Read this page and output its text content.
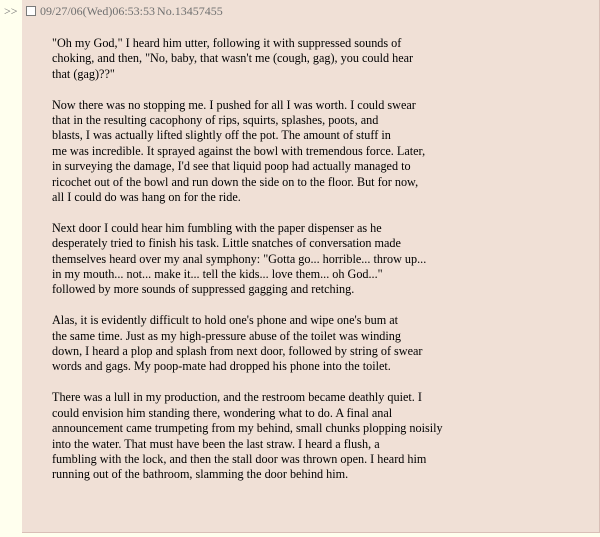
>> 09/27/06(Wed)06:53:53 No.13457455

"Oh my God," I heard him utter, following it with suppressed sounds of
choking, and then, "No, baby, that wasn't me (cough, gag), you could hear
that (gag)??"

Now there was no stopping me. I pushed for all I was worth. I could swear
that in the resulting cacophony of rips, squirts, splashes, poots, and
blasts, I was actually lifted slightly off the pot. The amount of stuff in
me was incredible. It sprayed against the bowl with tremendous force. Later,
in surveying the damage, I'd see that liquid poop had actually managed to
ricochet out of the bowl and run down the side on to the floor. But for now,
all I could do was hang on for the ride.

Next door I could hear him fumbling with the paper dispenser as he
desperately tried to finish his task. Little snatches of conversation made
themselves heard over my anal symphony: "Gotta go... horrible... throw up...
in my mouth... not... make it... tell the kids... love them... oh God..."
followed by more sounds of suppressed gagging and retching.

Alas, it is evidently difficult to hold one's phone and wipe one's bum at
the same time. Just as my high-pressure abuse of the toilet was winding
down, I heard a plop and splash from next door, followed by string of swear
words and gags. My poop-mate had dropped his phone into the toilet.

There was a lull in my production, and the restroom became deathly quiet. I
could envision him standing there, wondering what to do. A final anal
announcement came trumpeting from my behind, small chunks plopping noisily
into the water. That must have been the last straw. I heard a flush, a
fumbling with the lock, and then the stall door was thrown open. I heard him
running out of the bathroom, slamming the door behind him.
